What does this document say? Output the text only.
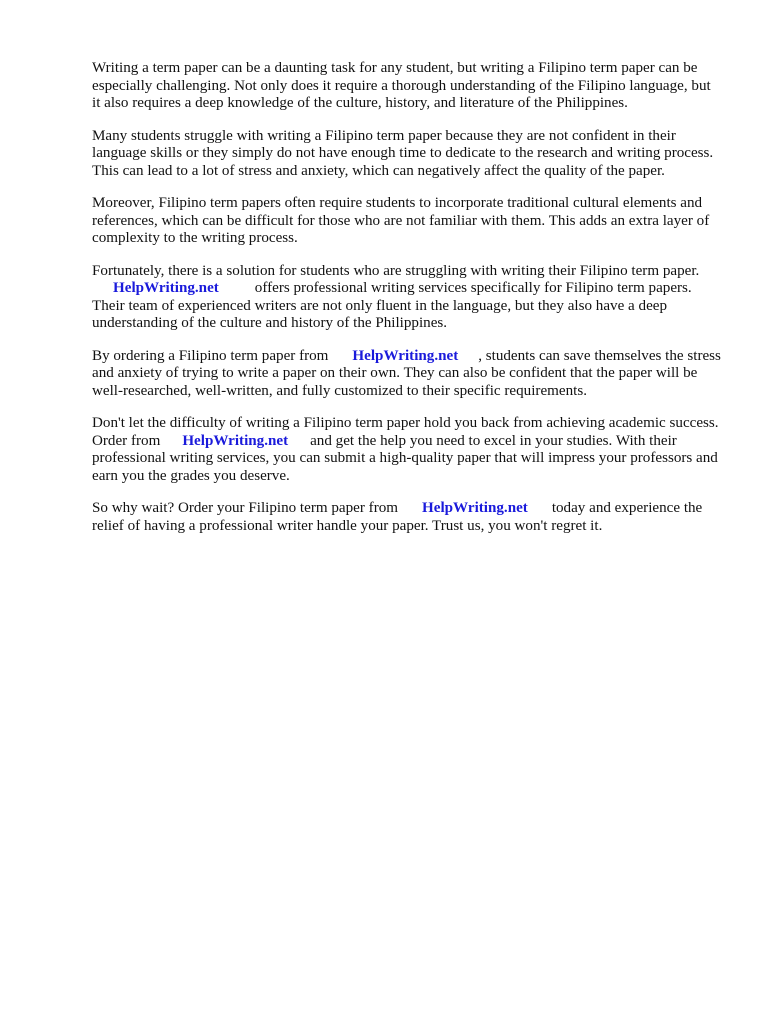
Writing a term paper can be a daunting task for any student, but writing a Filipino term paper can be especially challenging. Not only does it require a thorough understanding of the Filipino language, but it also requires a deep knowledge of the culture, history, and literature of the Philippines.

Many students struggle with writing a Filipino term paper because they are not confident in their language skills or they simply do not have enough time to dedicate to the research and writing process. This can lead to a lot of stress and anxiety, which can negatively affect the quality of the paper.

Moreover, Filipino term papers often require students to incorporate traditional cultural elements and references, which can be difficult for those who are not familiar with them. This adds an extra layer of complexity to the writing process.

Fortunately, there is a solution for students who are struggling with writing their Filipino term paper.
HelpWriting.net offers professional writing services specifically for Filipino term papers. Their team of experienced writers are not only fluent in the language, but they also have a deep understanding of the culture and history of the Philippines.

By ordering a Filipino term paper from HelpWriting.net , students can save themselves the stress and anxiety of trying to write a paper on their own. They can also be confident that the paper will be well-researched, well-written, and fully customized to their specific requirements.

Don't let the difficulty of writing a Filipino term paper hold you back from achieving academic success. Order from HelpWriting.net and get the help you need to excel in your studies. With their professional writing services, you can submit a high-quality paper that will impress your professors and earn you the grades you deserve.

So why wait? Order your Filipino term paper from HelpWriting.net today and experience the relief of having a professional writer handle your paper. Trust us, you won't regret it.
